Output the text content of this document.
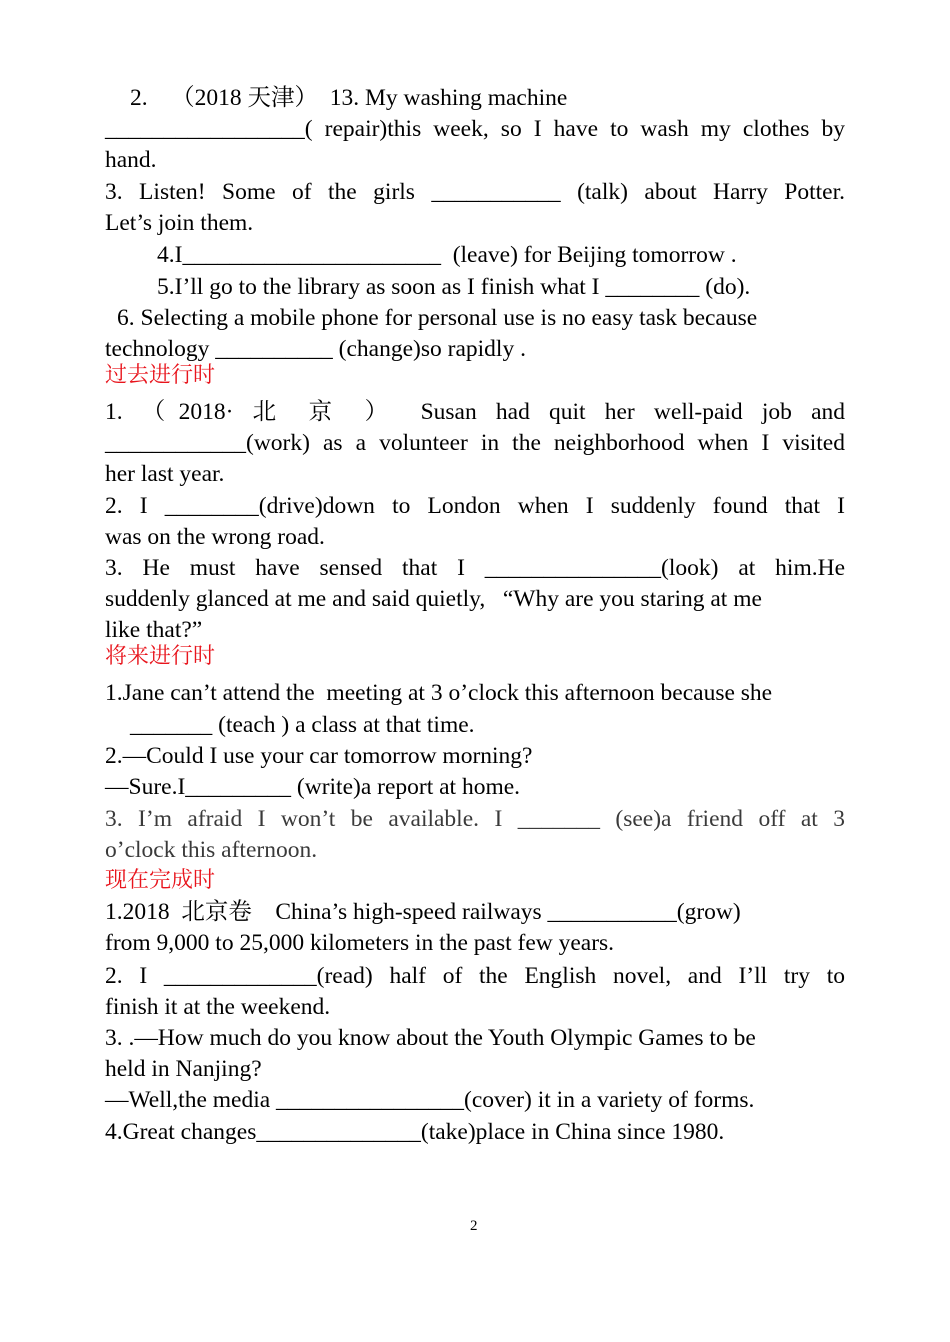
2.    （2018 天津）  13. My washing machine
_________________( repair)this week, so I have to wash my clothes by
hand.
3. Listen! Some of the girls ___________ (talk) about Harry Potter.
Let’s join them.
4.I______________________  (leave) for Beijing tomorrow .
5.I’ll go to the library as soon as I finish what I ________ (do).
6. Selecting a mobile phone for personal use is no easy task because
technology __________ (change)so rapidly .
过去进行时
1. （2018· 北 京 ） Susan had quit her well-paid job and
____________(work) as a volunteer in the neighborhood when I visited
her last year.
2. I ________(drive)down to London when I suddenly found that I
was on the wrong road.
3. He must have sensed that I _______________(look) at him.He
suddenly glanced at me and said quietly,   “Why are you staring at me
like that?”
将来进行时
1.Jane can’t attend the  meeting at 3 o’clock this afternoon because she
_______ (teach ) a class at that time.
2.—Could I use your car tomorrow morning?
—Sure.I_________ (write)a report at home.
3. I’m afraid I won’t be available. I _______ (see)a friend off at 3
o’clock this afternoon.
现在完成时
1.2018  北京卷    China’s high-speed railways ___________(grow)
from 9,000 to 25,000 kilometers in the past few years.
2. I _____________(read) half of the English novel, and I’ll try to
finish it at the weekend.
3. .—How much do you know about the Youth Olympic Games to be
held in Nanjing?
—Well,the media ________________(cover) it in a variety of forms.
4.Great changes______________(take)place in China since 1980.
2
